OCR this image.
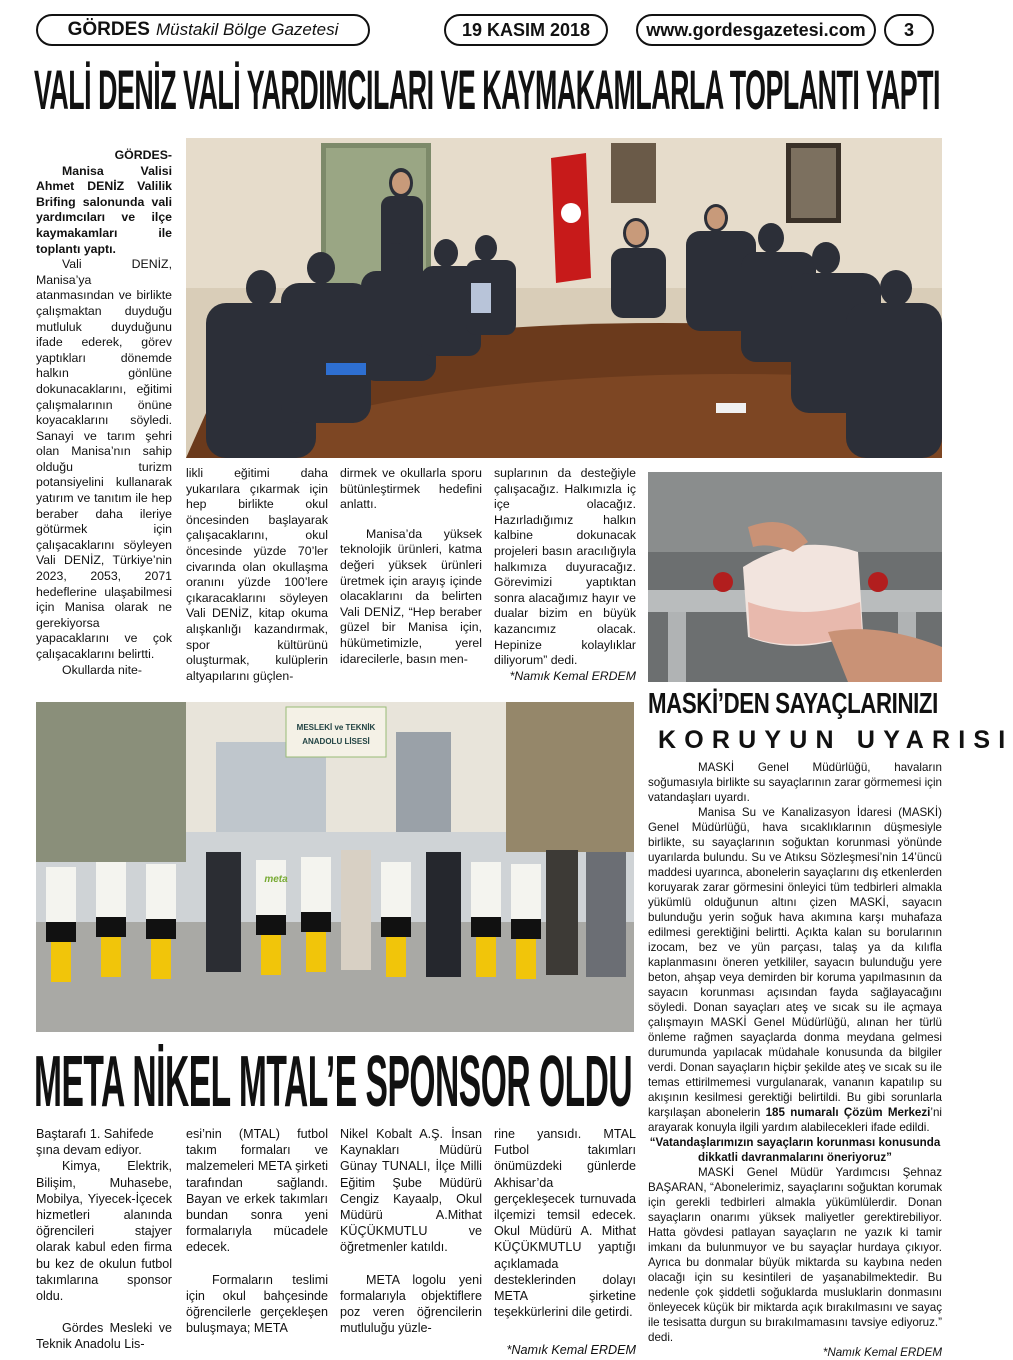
GÖRDES Müstakil Bölge Gazetesi	19 KASIM 2018	www.gordesgazetesi.com 3
VALİ DENİZ VALİ YARDIMCILARI VE KAYMAKAMLARLA TOPLANTI YAPTI

GÖRDES-

Manisa Valisi Ahmet DENİZ Valilik Brifing salonunda vali yardımcıları ve ilçe kaymakamları ile toplantı yaptı.

Vali DENİZ, Manisa’ya atanmasından ve birlikte çalışmaktan duyduğu mutluluk duyduğunu ifade ederek, görev yaptıkları dönemde halkın gönlüne dokunacaklarını, eğitimi çalışmalarının önüne koyacaklarını söyledi. Sanayi ve tarım şehri olan Manisa’nın sahip olduğu turizm potansiyelini kullanarak yatırım ve tanıtım ile hep beraber daha ileriye götürmek için çalışacaklarını söyleyen Vali DENİZ, Türkiye’nin 2023, 2053, 2071 hedeflerine ulaşabilmesi için Manisa olarak ne gerekiyorsa yapacaklarını ve çok çalışacaklarını belirtti.

Okullarda nite-

likli eğitimi daha yukarılara çıkarmak için hep birlikte okul öncesinden başlayarak çalışacaklarını, okul öncesinde yüzde 70’ler civarında olan okullaşma oranını yüzde 100’lere çıkaracaklarını söyleyen Vali DENİZ, kitap okuma alışkanlığı kazandırmak, spor kültürünü oluşturmak, kulüplerin altyapılarını güçlen-

dirmek ve okullarla sporu bütünleştirmek hedefini anlattı.

Manisa’da yüksek teknolojik ürünleri, katma değeri yüksek ürünleri üretmek için arayış içinde olacaklarını da belirten Vali DENİZ, “Hep beraber güzel bir Manisa için, hükümetimizle, yerel idarecilerle, basın men-

suplarının da desteğiyle çalışacağız. Halkımızla iç içe olacağız. Hazırladığımız halkın kalbine dokunacak projeleri basın aracılığıyla halkımıza duyuracağız. Görevimizi yaptıktan sonra alacağımız hayır ve dualar bizim en büyük kazancımız olacak. Hepinize kolaylıklar diliyorum” dedi.

*Namık Kemal ERDEM

MESLEKİ ve TEKNİK
ANADOLU LİSESİ
meta
META NİKEL MTAL’E SPONSOR OLDU

Baştarafı 1. Sahifede

şına devam ediyor.

Kimya, Elektrik, Bilişim, Muhasebe, Mobilya, Yiyecek-İçecek hizmetleri alanında öğrencileri stajyer olarak kabul eden firma bu kez de okulun futbol takımlarına sponsor oldu.

Gördes Mesleki ve Teknik Anadolu Lis-

esi’nin (MTAL) futbol takım formaları ve malzemeleri META şirketi tarafından sağlandı. Bayan ve erkek takımları bundan sonra yeni formalarıyla mücadele edecek.

Formaların teslimi için okul bahçesinde öğrencilerle gerçekleşen buluşmaya; META

Nikel Kobalt A.Ş. İnsan Kaynakları Müdürü Günay TUNALI, İlçe Milli Eğitim Şube Müdürü Cengiz Kayaalp, Okul Müdürü A.Mithat KÜÇÜKMUTLU ve öğretmenler katıldı.

META logolu yeni formalarıyla objektiflere poz veren öğrencilerin mutluluğu yüzle-

rine yansıdı. MTAL Futbol takımları önümüzdeki günlerde Akhisar’da gerçekleşecek turnuvada ilçemizi temsil edecek. Okul Müdürü A. Mithat KÜÇÜKMUTLU yaptığı açıklamada desteklerinden dolayı META şirketine teşekkürlerini dile getirdi.

*Namık Kemal ERDEM

MASKİ’DEN SAYAÇLARINIZI
KORUYUN UYARISI

MASKİ Genel Müdürlüğü, havaların soğumasıyla birlikte su sayaçlarının zarar görmemesi için vatandaşları uyardı.

Manisa Su ve Kanalizasyon İdaresi (MASKİ) Genel Müdürlüğü, hava sıcaklıklarının düşmesiyle birlikte, su sayaçlarının soğuktan korunmasi yönünde uyarılarda bulundu. Su ve Atıksu Sözleşmesi’nin 14’üncü maddesi uyarınca, abonelerin sayaçlarını dış etkenlerden koruyarak zarar görmesini önleyici tüm tedbirleri almakla yükümlü olduğunun altını çizen MASKİ, sayacın bulunduğu yerin soğuk hava akımına karşı muhafaza edilmesi gerektiğini belirtti. Açıkta kalan su borularının izocam, bez ve yün parçası, talaş ya da kılıfla kaplanmasını öneren yetkililer, sayacın bulunduğu yere beton, ahşap veya demirden bir koruma yapılmasının da sayacın korunması açısından fayda sağlayacağını söyledi. Donan sayaçları ateş ve sıcak su ile açmaya çalışmayın MASKİ Genel Müdürlüğü, alınan her türlü önleme rağmen sayaçlarda donma meydana gelmesi durumunda yapılacak müdahale konusunda da bilgiler verdi. Donan sayaçların hiçbir şekilde ateş ve sıcak su ile temas ettirilmemesi vurgulanarak, vananın kapatılıp su akışının kesilmesi gerektiği belirtildi. Bu gibi sorunlarla karşılaşan abonelerin 185 numaralı Çözüm Merkezi’ni arayarak konuyla ilgili yardım alabilecekleri ifade edildi.

“Vatandaşlarımızın sayaçların korunması konusunda dikkatli davranmalarını öneriyoruz”

MASKİ Genel Müdür Yardımcısı Şehnaz BAŞARAN, “Abonelerimiz, sayaçlarını soğuktan korumak için gerekli tedbirleri almakla yükümlülerdir. Donan sayaçların onarımı yüksek maliyetler gerektirebiliyor. Hatta gövdesi patlayan sayaçların ne yazık ki tamir imkanı da bulunmuyor ve bu sayaçlar hurdaya çıkıyor. Ayrıca bu donmalar büyük miktarda su kaybına neden olacağı için su kesintileri de yaşanabilmektedir. Bu nedenle çok şiddetli soğuklarda musluklarin donmasını önleyecek küçük bir miktarda açık bırakılmasını ve sayaç ile tesisatta durgun su bırakılmamasını tavsiye ediyoruz.” dedi.

*Namık Kemal ERDEM
